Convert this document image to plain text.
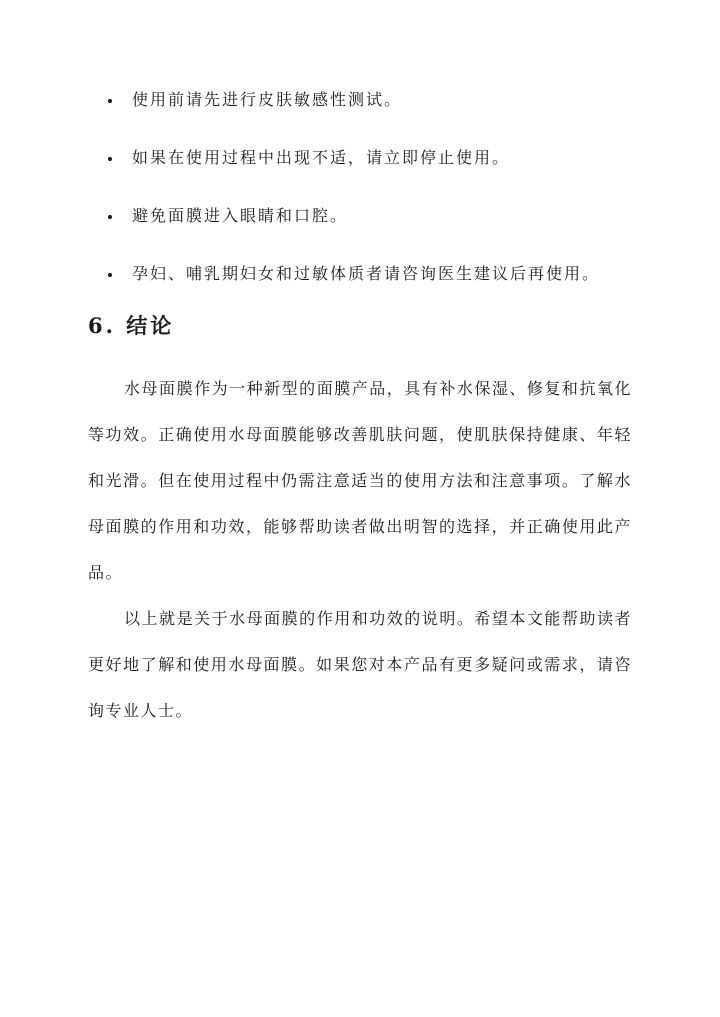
使用前请先进行皮肤敏感性测试。
如果在使用过程中出现不适，请立即停止使用。
避免面膜进入眼睛和口腔。
孕妇、哺乳期妇女和过敏体质者请咨询医生建议后再使用。
6. 结论

水母面膜作为一种新型的面膜产品，具有补水保湿、修复和抗氧化等功效。正确使用水母面膜能够改善肌肤问题，使肌肤保持健康、年轻和光滑。但在使用过程中仍需注意适当的使用方法和注意事项。了解水母面膜的作用和功效，能够帮助读者做出明智的选择，并正确使用此产品。

以上就是关于水母面膜的作用和功效的说明。希望本文能帮助读者更好地了解和使用水母面膜。如果您对本产品有更多疑问或需求，请咨询专业人士。
